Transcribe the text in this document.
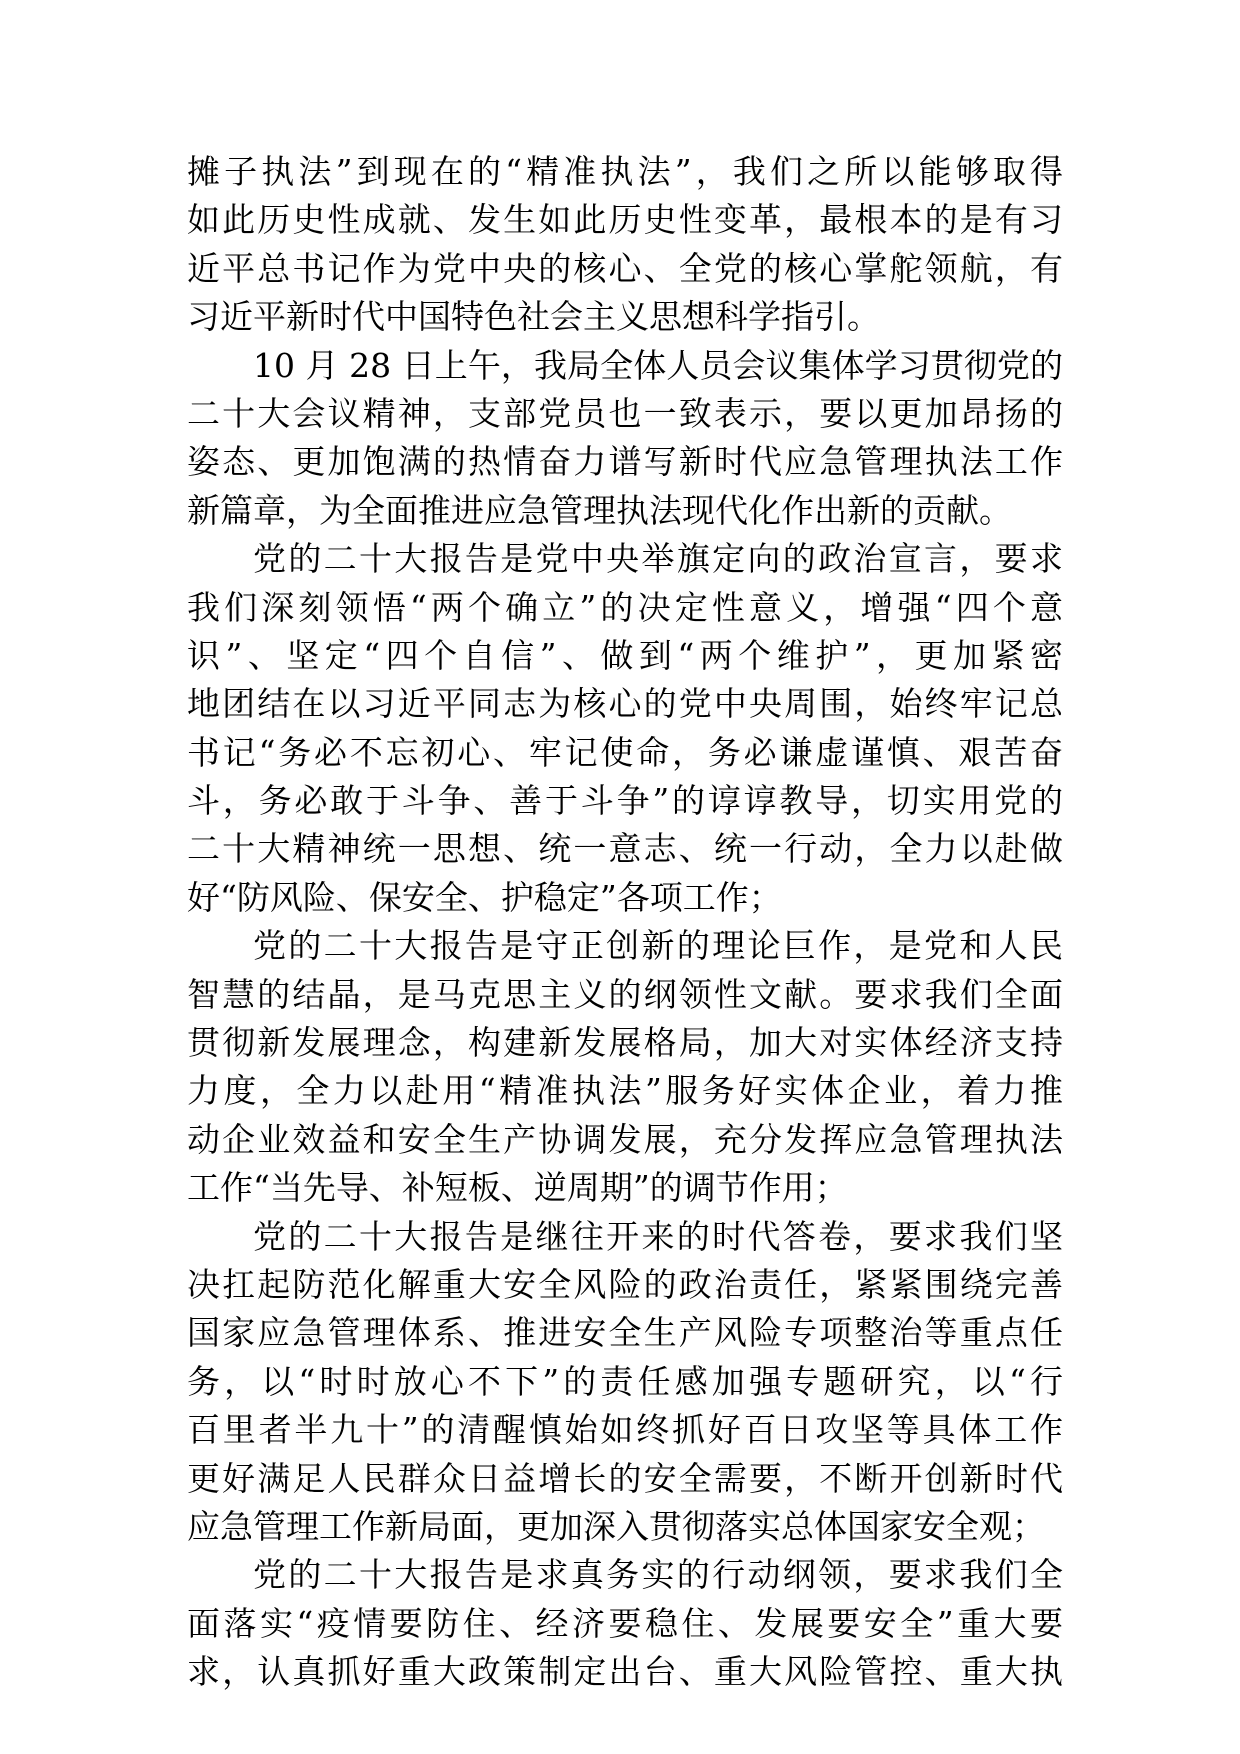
摊子执法”到现在的“精准执法”，我们之所以能够取得
如此历史性成就、发生如此历史性变革，最根本的是有习
近平总书记作为党中央的核心、全党的核心掌舵领航，有
习近平新时代中国特色社会主义思想科学指引。
10 月 28 日上午，我局全体人员会议集体学习贯彻党的
二十大会议精神，支部党员也一致表示，要以更加昂扬的
姿态、更加饱满的热情奋力谱写新时代应急管理执法工作
新篇章，为全面推进应急管理执法现代化作出新的贡献。
党的二十大报告是党中央举旗定向的政治宣言，要求
我们深刻领悟“两个确立”的决定性意义，增强“四个意
识”、坚定“四个自信”、做到“两个维护”，更加紧密
地团结在以习近平同志为核心的党中央周围，始终牢记总
书记“务必不忘初心、牢记使命，务必谦虚谨慎、艰苦奋
斗，务必敢于斗争、善于斗争”的谆谆教导，切实用党的
二十大精神统一思想、统一意志、统一行动，全力以赴做
好“防风险、保安全、护稳定”各项工作；
党的二十大报告是守正创新的理论巨作，是党和人民
智慧的结晶，是马克思主义的纲领性文献。要求我们全面
贯彻新发展理念，构建新发展格局，加大对实体经济支持
力度，全力以赴用“精准执法”服务好实体企业，着力推
动企业效益和安全生产协调发展，充分发挥应急管理执法
工作“当先导、补短板、逆周期”的调节作用；
党的二十大报告是继往开来的时代答卷，要求我们坚
决扛起防范化解重大安全风险的政治责任，紧紧围绕完善
国家应急管理体系、推进安全生产风险专项整治等重点任
务，以“时时放心不下”的责任感加强专题研究，以“行
百里者半九十”的清醒慎始如终抓好百日攻坚等具体工作
更好满足人民群众日益增长的安全需要，不断开创新时代
应急管理工作新局面，更加深入贯彻落实总体国家安全观；
党的二十大报告是求真务实的行动纲领，要求我们全
面落实“疫情要防住、经济要稳住、发展要安全”重大要
求，认真抓好重大政策制定出台、重大风险管控、重大执
